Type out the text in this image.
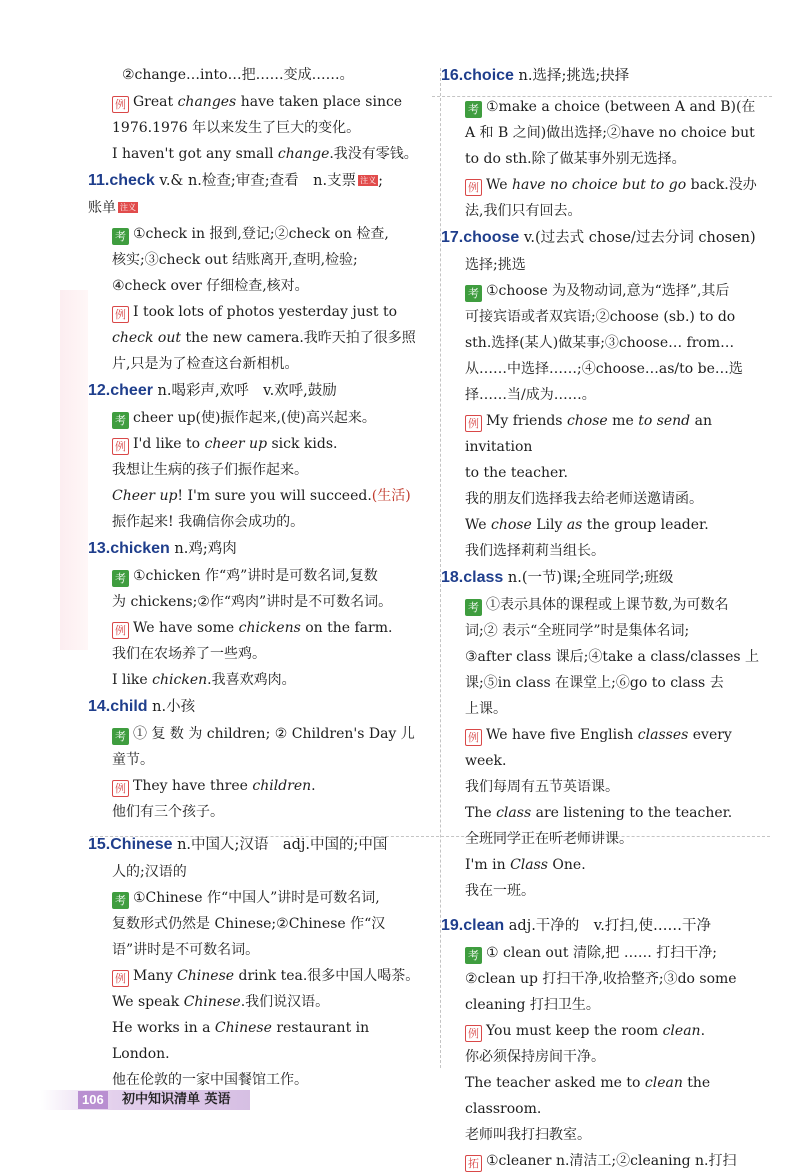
②change…into…把……变成……。

例 Great changes have taken place since

1976.1976 年以来发生了巨大的变化。

I haven't got any small change.我没有零钱。

11.check v.& n.检查;审查;查看　n.支票 注义 ;

账单 注义

考 ①check in 报到,登记;②check on 检查,

核实;③check out 结账离开,查明,检验;

④check over 仔细检查,核对。

例 I took lots of photos yesterday just to

check out the new camera.我昨天拍了很多照

片,只是为了检查这台新相机。

12.cheer n.喝彩声,欢呼　v.欢呼,鼓励

考 cheer up(使)振作起来,(使)高兴起来。

例 I'd like to cheer up sick kids.

我想让生病的孩子们振作起来。

Cheer up! I'm sure you will succeed.(生活)

振作起来! 我确信你会成功的。

13.chicken n.鸡;鸡肉

考 ①chicken 作“鸡”讲时是可数名词,复数

为 chickens;②作“鸡肉”讲时是不可数名词。

例 We have some chickens on the farm.

我们在农场养了一些鸡。

I like chicken.我喜欢鸡肉。

14.child n.小孩

考 ① 复 数 为 children; ② Children's Day 儿

童节。

例 They have three children.

他们有三个孩子。

15.Chinese n.中国人;汉语　adj.中国的;中国

人的;汉语的

考 ①Chinese 作“中国人”讲时是可数名词,

复数形式仍然是 Chinese;②Chinese 作“汉

语”讲时是不可数名词。

例 Many Chinese drink tea.很多中国人喝茶。

We speak Chinese.我们说汉语。

He works in a Chinese restaurant in London.

他在伦敦的一家中国餐馆工作。

16.choice n.选择;挑选;抉择

考 ①make a choice (between A and B)(在

A 和 B 之间)做出选择;②have no choice but

to do sth.除了做某事外别无选择。

例 We have no choice but to go back.没办

法,我们只有回去。

17.choose v.(过去式 chose/过去分词 chosen)

选择;挑选

考 ①choose 为及物动词,意为“选择”,其后

可接宾语或者双宾语;②choose (sb.) to do

sth.选择(某人)做某事;③choose… from…

从……中选择……;④choose…as/to be…选

择……当/成为……。

例 My friends chose me to send an invitation

to the teacher.

我的朋友们选择我去给老师送邀请函。

We chose Lily as the group leader.

我们选择莉莉当组长。

18.class n.(一节)课;全班同学;班级

考 ①表示具体的课程或上课节数,为可数名

词;② 表示“全班同学”时是集体名词;

③after class 课后;④take a class/classes 上

课;⑤in class 在课堂上;⑥go to class 去

上课。

例 We have five English classes every week.

我们每周有五节英语课。

The class are listening to the teacher.

全班同学正在听老师讲课。

I'm in Class One.

我在一班。

19.clean adj.干净的　v.打扫,使……干净

考 ① clean out 清除,把 …… 打扫干净;

②clean up 打扫干净,收拾整齐;③do some

cleaning 打扫卫生。

例 You must keep the room clean.

你必须保持房间干净。

The teacher asked me to clean the classroom.

老师叫我打扫教室。

拓 ①cleaner n.清洁工;②cleaning n.打扫

106	初中知识清单 英语
